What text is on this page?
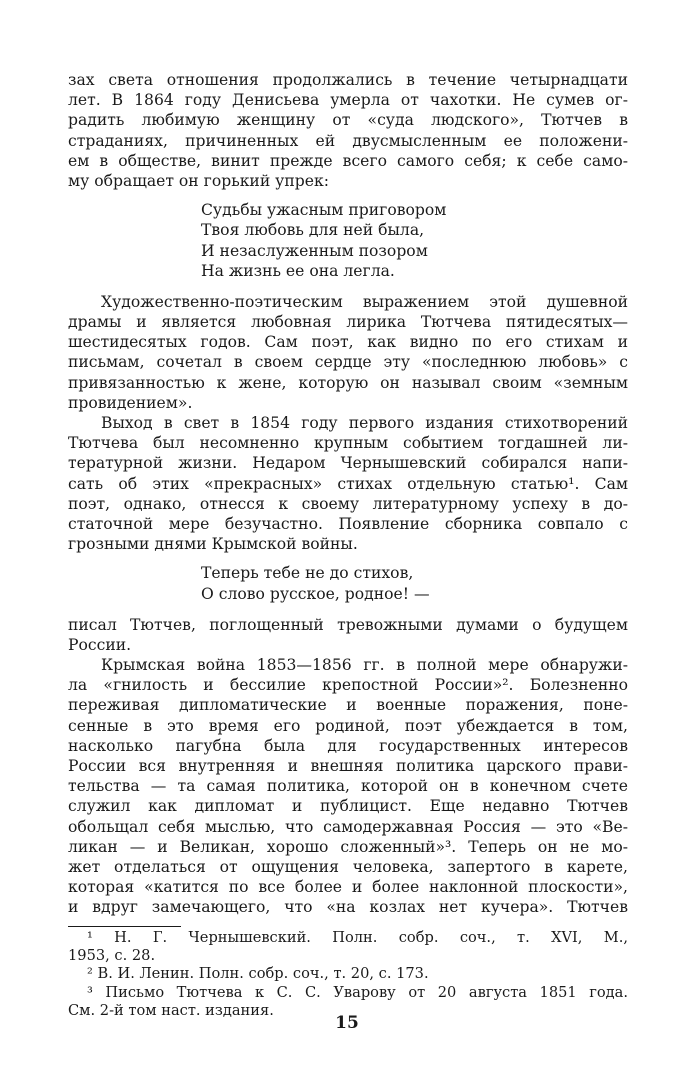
зах света отношения продолжались в течение четырнадцати
лет. В 1864 году Денисьева умерла от чахотки. Не сумев ог-
радить любимую женщину от «суда людского», Тютчев в
страданиях, причиненных ей двусмысленным ее положени-
ем в обществе, винит прежде всего самого себя; к себе само-
му обращает он горький упрек:
Судьбы ужасным приговором
Твоя любовь для ней была,
И незаслуженным позором
На жизнь ее она легла.
Художественно-поэтическим выражением этой душевной
драмы и является любовная лирика Тютчева пятидесятых—
шестидесятых годов. Сам поэт, как видно по его стихам и
письмам, сочетал в своем сердце эту «последнюю любовь» с
привязанностью к жене, которую он называл своим «земным
провидением».
Выход в свет в 1854 году первого издания стихотворений
Тютчева был несомненно крупным событием тогдашней ли-
тературной жизни. Недаром Чернышевский собирался напи-
сать об этих «прекрасных» стихах отдельную статью¹. Сам
поэт, однако, отнесся к своему литературному успеху в до-
статочной мере безучастно. Появление сборника совпало с
грозными днями Крымской войны.
Теперь тебе не до стихов,
О слово русское, родное! —
писал Тютчев, поглощенный тревожными думами о будущем
России.
Крымская война 1853—1856 гг. в полной мере обнаружи-
ла «гнилость и бессилие крепостной России»². Болезненно
переживая дипломатические и военные поражения, поне-
сенные в это время его родиной, поэт убеждается в том,
насколько пагубна была для государственных интересов
России вся внутренняя и внешняя политика царского прави-
тельства — та самая политика, которой он в конечном счете
служил как дипломат и публицист. Еще недавно Тютчев
обольщал себя мыслью, что самодержавная Россия — это «Ве-
ликан — и Великан, хорошо сложенный»³. Теперь он не мо-
жет отделаться от ощущения человека, запертого в карете,
которая «катится по все более и более наклонной плоскости»,
и вдруг замечающего, что «на козлах нет кучера». Тютчев
¹ Н. Г. Чернышевский. Полн. собр. соч., т. XVI, М.,
1953, с. 28.
² В. И. Ленин. Полн. собр. соч., т. 20, с. 173.
³ Письмо Тютчева к С. С. Уварову от 20 августа 1851 года.
См. 2-й том наст. издания.
15
